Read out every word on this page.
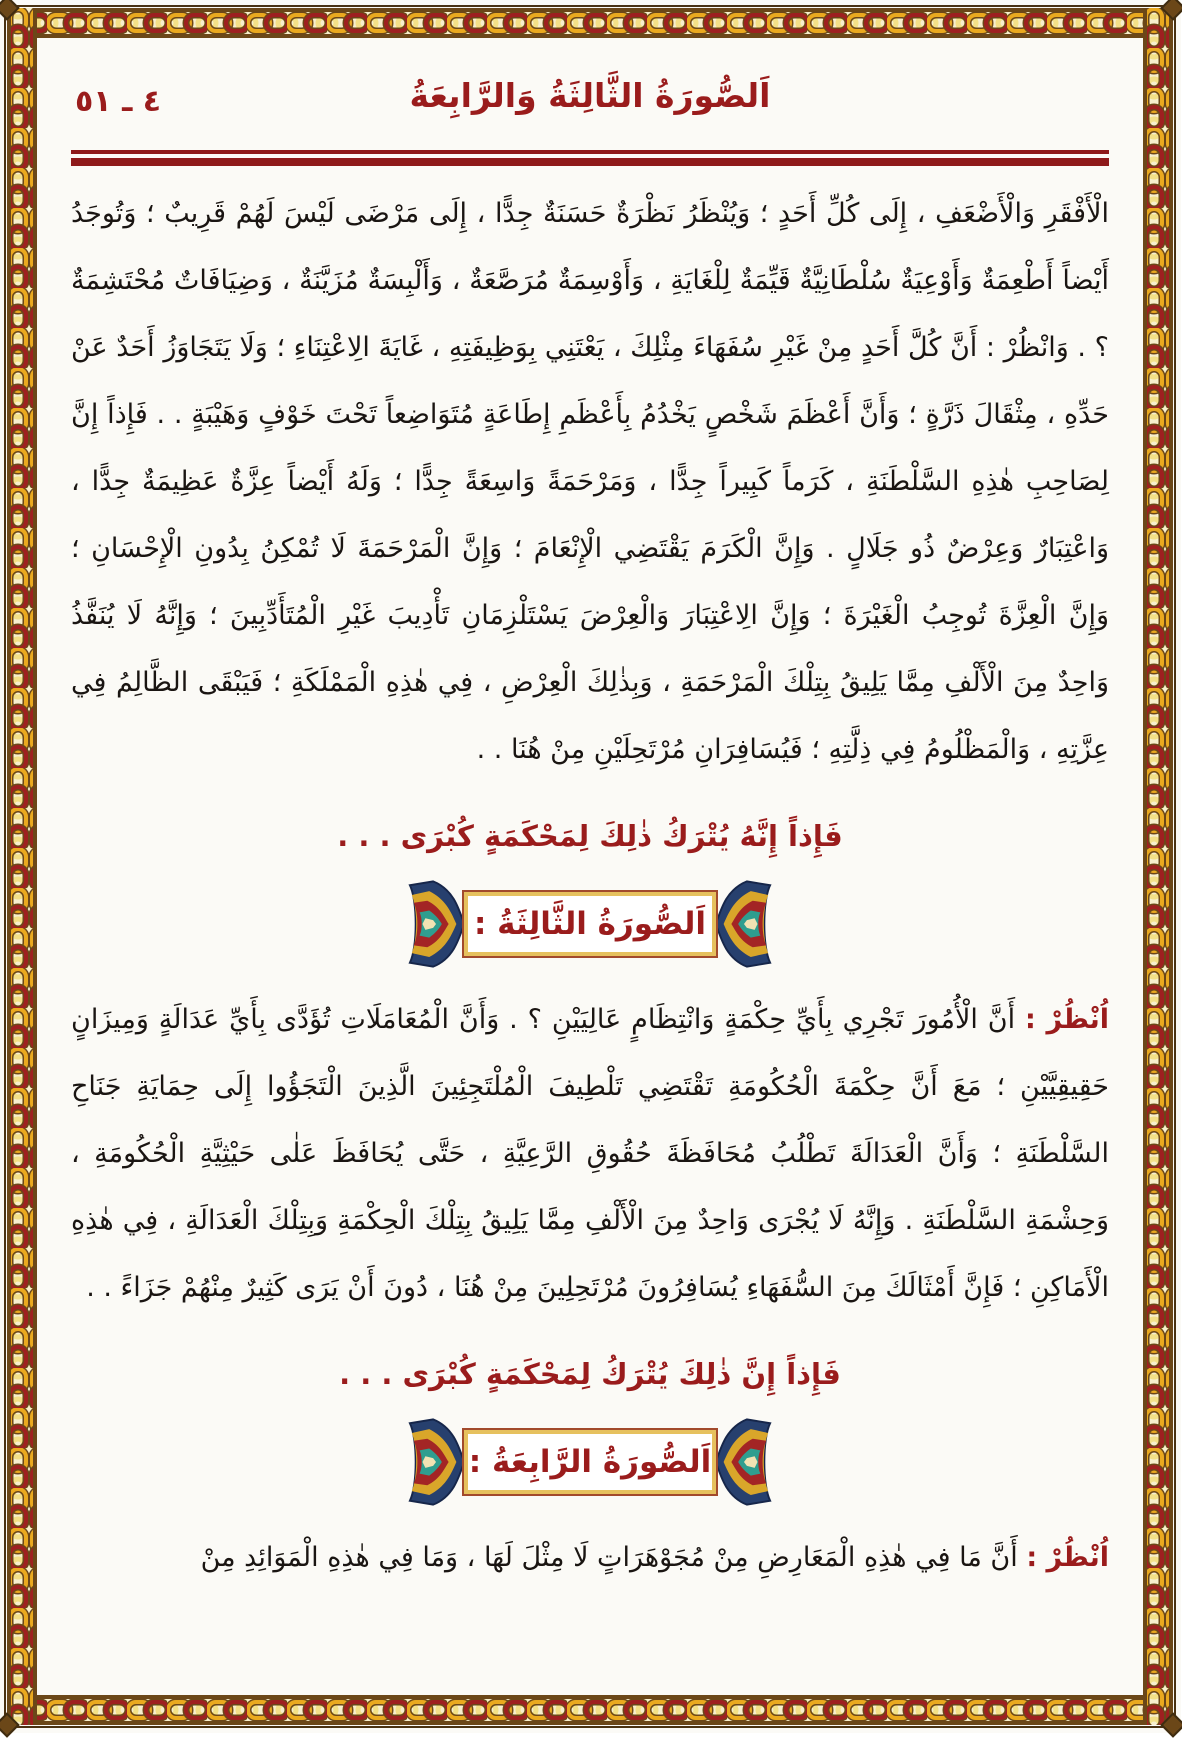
٤ ـ ٥١	اَلصُّورَةُ الثَّالِثَةُ وَالرَّابِعَةُ

الْأَفْقَرِ وَالْأَضْعَفِ ، إِلَى كُلِّ أَحَدٍ ؛ وَيُنْظَرُ نَظْرَةٌ حَسَنَةٌ جِدًّا ، إِلَى مَرْضَى لَيْسَ لَهُمْ قَرِيبٌ ؛ وَتُوجَدُ أَيْضاً أَطْعِمَةٌ وَأَوْعِيَةٌ سُلْطَانِيَّةٌ قَيِّمَةٌ لِلْغَايَةِ ، وَأَوْسِمَةٌ مُرَصَّعَةٌ ، وَأَلْبِسَةٌ مُزَيَّنَةٌ ، وَضِيَافَاتٌ مُحْتَشِمَةٌ ؟ . وَانْظُرْ : أَنَّ كُلَّ أَحَدٍ مِنْ غَيْرِ سُفَهَاءَ مِثْلِكَ ، يَعْتَنِي بِوَظِيفَتِهِ ، غَايَةَ الِاعْتِنَاءِ ؛ وَلَا يَتَجَاوَزُ أَحَدٌ عَنْ حَدِّهِ ، مِثْقَالَ ذَرَّةٍ ؛ وَأَنَّ أَعْظَمَ شَخْصٍ يَخْدُمُ بِأَعْظَمِ إِطَاعَةٍ مُتَوَاضِعاً تَحْتَ خَوْفٍ وَهَيْبَةٍ . . فَإِذاً إِنَّ لِصَاحِبِ هٰذِهِ السَّلْطَنَةِ ، كَرَماً كَبِيراً جِدًّا ، وَمَرْحَمَةً وَاسِعَةً جِدًّا ؛ وَلَهُ أَيْضاً عِزَّةٌ عَظِيمَةٌ جِدًّا ، وَاعْتِبَارٌ وَعِرْضٌ ذُو جَلَالٍ . وَإِنَّ الْكَرَمَ يَقْتَضِي الْإِنْعَامَ ؛ وَإِنَّ الْمَرْحَمَةَ لَا تُمْكِنُ بِدُونِ الْإِحْسَانِ ؛ وَإِنَّ الْعِزَّةَ تُوجِبُ الْغَيْرَةَ ؛ وَإِنَّ الِاعْتِبَارَ وَالْعِرْضَ يَسْتَلْزِمَانِ تَأْدِيبَ غَيْرِ الْمُتَأَدِّبِينَ ؛ وَإِنَّهُ لَا يُنَفَّذُ وَاحِدٌ مِنَ الْأَلْفِ مِمَّا يَلِيقُ بِتِلْكَ الْمَرْحَمَةِ ، وَبِذٰلِكَ الْعِرْضِ ، فِي هٰذِهِ الْمَمْلَكَةِ ؛ فَيَبْقَى الظَّالِمُ فِي عِزَّتِهِ ، وَالْمَظْلُومُ فِي ذِلَّتِهِ ؛ فَيُسَافِرَانِ مُرْتَحِلَيْنِ مِنْ هُنَا . .

فَإِذاً إِنَّهُ يُتْرَكُ ذٰلِكَ لِمَحْكَمَةٍ كُبْرَى . . .
اَلصُّورَةُ الثَّالِثَةُ :

اُنْظُرْ : أَنَّ الْأُمُورَ تَجْرِي بِأَيِّ حِكْمَةٍ وَانْتِظَامٍ عَالِيَيْنِ ؟ . وَأَنَّ الْمُعَامَلَاتِ تُؤَدَّى بِأَيِّ عَدَالَةٍ وَمِيزَانٍ حَقِيقِيَّيْنِ ؛ مَعَ أَنَّ حِكْمَةَ الْحُكُومَةِ تَقْتَضِي تَلْطِيفَ الْمُلْتَجِئِينَ الَّذِينَ الْتَجَؤُوا إِلَى حِمَايَةِ جَنَاحِ السَّلْطَنَةِ ؛ وَأَنَّ الْعَدَالَةَ تَطْلُبُ مُحَافَظَةَ حُقُوقِ الرَّعِيَّةِ ، حَتَّى يُحَافَظَ عَلٰى حَيْثِيَّةِ الْحُكُومَةِ ، وَحِشْمَةِ السَّلْطَنَةِ . وَإِنَّهُ لَا يُجْرَى وَاحِدٌ مِنَ الْأَلْفِ مِمَّا يَلِيقُ بِتِلْكَ الْحِكْمَةِ وَبِتِلْكَ الْعَدَالَةِ ، فِي هٰذِهِ الْأَمَاكِنِ ؛ فَإِنَّ أَمْثَالَكَ مِنَ السُّفَهَاءِ يُسَافِرُونَ مُرْتَحِلِينَ مِنْ هُنَا ، دُونَ أَنْ يَرَى كَثِيرٌ مِنْهُمْ جَزَاءً . .

فَإِذاً إِنَّ ذٰلِكَ يُتْرَكُ لِمَحْكَمَةٍ كُبْرَى . . .
اَلصُّورَةُ الرَّابِعَةُ :

اُنْظُرْ : أَنَّ مَا فِي هٰذِهِ الْمَعَارِضِ مِنْ مُجَوْهَرَاتٍ لَا مِثْلَ لَهَا ، وَمَا فِي هٰذِهِ الْمَوَائِدِ مِنْ
